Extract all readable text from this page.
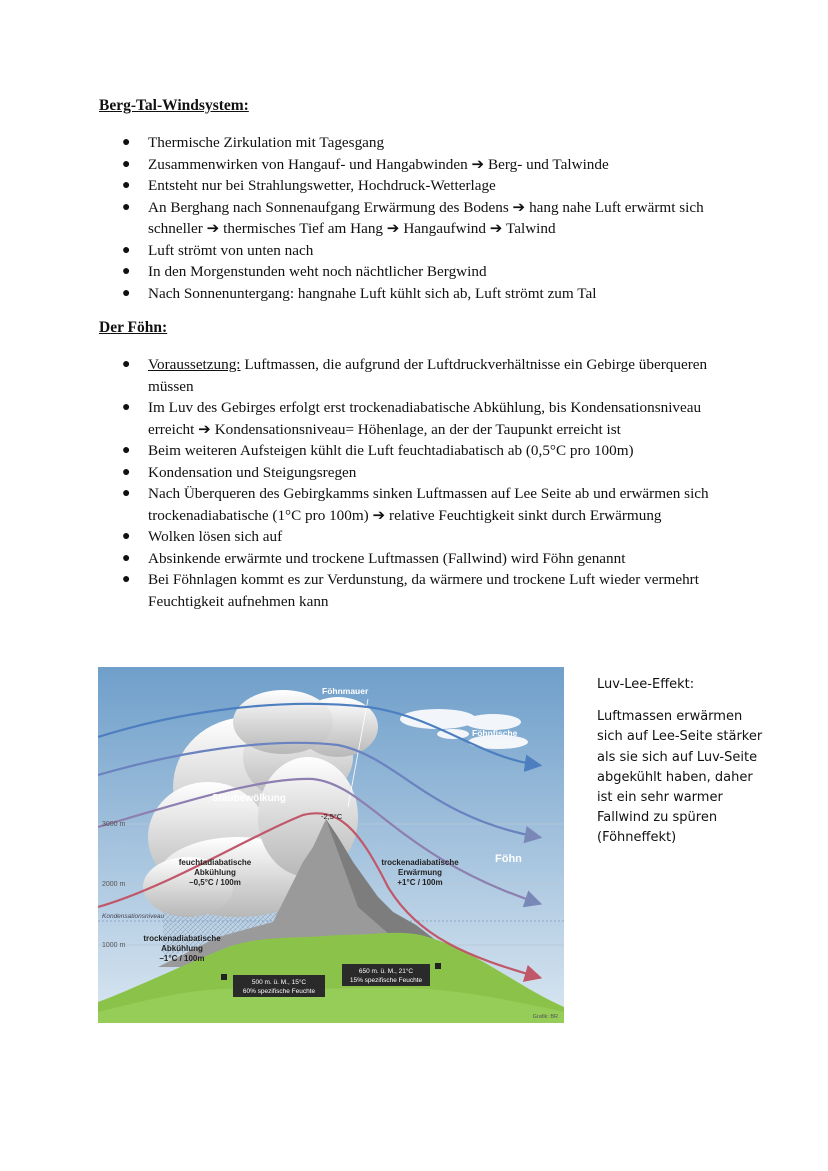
Berg-Tal-Windsystem:
● Thermische Zirkulation mit Tagesgang
● Zusammenwirken von Hangauf- und Hangabwinden ➔ Berg- und Talwinde
● Entsteht nur bei Strahlungswetter, Hochdruck-Wetterlage
● An Berghang nach Sonnenaufgang Erwärmung des Bodens ➔ hang nahe Luft erwärmt sich schneller ➔ thermisches Tief am Hang ➔ Hangaufwind ➔ Talwind
● Luft strömt von unten nach
● In den Morgenstunden weht noch nächtlicher Bergwind
● Nach Sonnenuntergang: hangnahe Luft kühlt sich ab, Luft strömt zum Tal
Der Föhn:
● Voraussetzung: Luftmassen, die aufgrund der Luftdruckverhältnisse ein Gebirge überqueren müssen
● Im Luv des Gebirges erfolgt erst trockenadiabatische Abkühlung, bis Kondensationsniveau erreicht ➔ Kondensationsniveau= Höhenlage, an der der Taupunkt erreicht ist
● Beim weiteren Aufsteigen kühlt die Luft feuchtadiabatisch ab (0,5°C pro 100m)
● Kondensation und Steigungsregen
● Nach Überqueren des Gebirgkamms sinken Luftmassen auf Lee Seite ab und erwärmen sich trockenadiabatische (1°C pro 100m) ➔ relative Feuchtigkeit sinkt durch Erwärmung
● Wolken lösen sich auf
● Absinkende erwärmte und trockene Luftmassen (Fallwind) wird Föhn genannt
● Bei Föhnlagen kommt es zur Verdunstung, da wärmere und trockene Luft wieder vermehrt Feuchtigkeit aufnehmen kann
Föhnmauer
Föhnfische
Staubewölkung
Föhn
-2,5°C
3000 m
2000 m
Kondensationsniveau
1000 m
feuchtadiabatische
Abkühlung
–0,5°C / 100m
trockenadiabatische
Abkühlung
–1°C / 100m
trockenadiabatische
Erwärmung
+1°C / 100m
500 m. ü. M., 15°C
60% spezifische Feuchte
650 m. ü. M., 21°C
15% spezifische Feuchte
Grafik: BR
Luv-Lee-Effekt:
Luftmassen erwärmen sich auf Lee-Seite stärker als sie sich auf Luv-Seite abgekühlt haben, daher ist ein sehr warmer Fallwind zu spüren (Föhneffekt)
